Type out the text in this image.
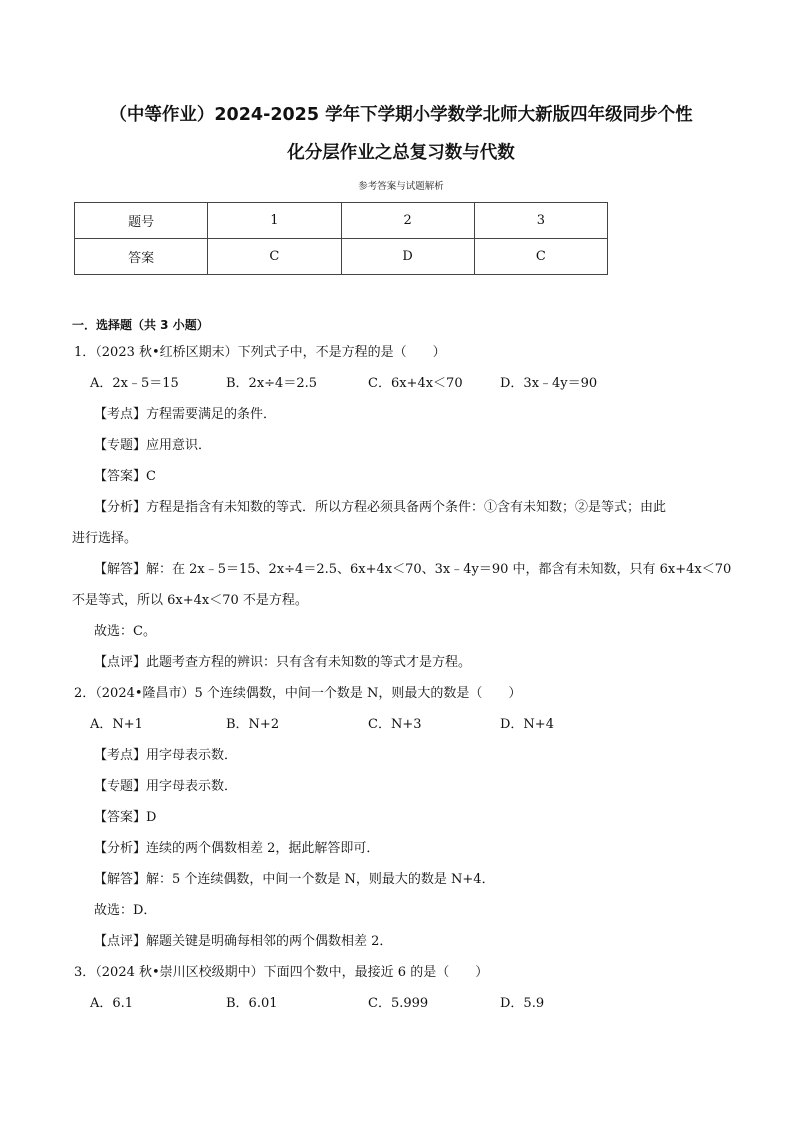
（中等作业）2024-2025 学年下学期小学数学北师大新版四年级同步个性
化分层作业之总复习数与代数
参考答案与试题解析
题号	1	2	3
答案	C	D	C
一．选择题（共 3 小题）
1．（2023 秋•红桥区期末）下列式子中，不是方程的是（　　）
A．2x﹣5＝15	B．2x÷4＝2.5	C．6x+4x＜70	D．3x﹣4y＝90
【考点】方程需要满足的条件．
【专题】应用意识．
【答案】C
【分析】方程是指含有未知数的等式．所以方程必须具备两个条件：①含有未知数；②是等式；由此
进行选择。
【解答】解：在 2x﹣5＝15、2x÷4＝2.5、6x+4x＜70、3x﹣4y＝90 中，都含有未知数，只有 6x+4x＜70
不是等式，所以 6x+4x＜70 不是方程。
故选：C。
【点评】此题考查方程的辨识：只有含有未知数的等式才是方程。
2．（2024•隆昌市）5 个连续偶数，中间一个数是 N，则最大的数是（　　）
A．N+1	B．N+2	C．N+3	D．N+4
【考点】用字母表示数．
【专题】用字母表示数．
【答案】D
【分析】连续的两个偶数相差 2，据此解答即可．
【解答】解：5 个连续偶数，中间一个数是 N，则最大的数是 N+4．
故选：D．
【点评】解题关键是明确每相邻的两个偶数相差 2．
3．（2024 秋•崇川区校级期中）下面四个数中，最接近 6 的是（　　）
A．6.1	B．6.01	C．5.999	D．5.9
